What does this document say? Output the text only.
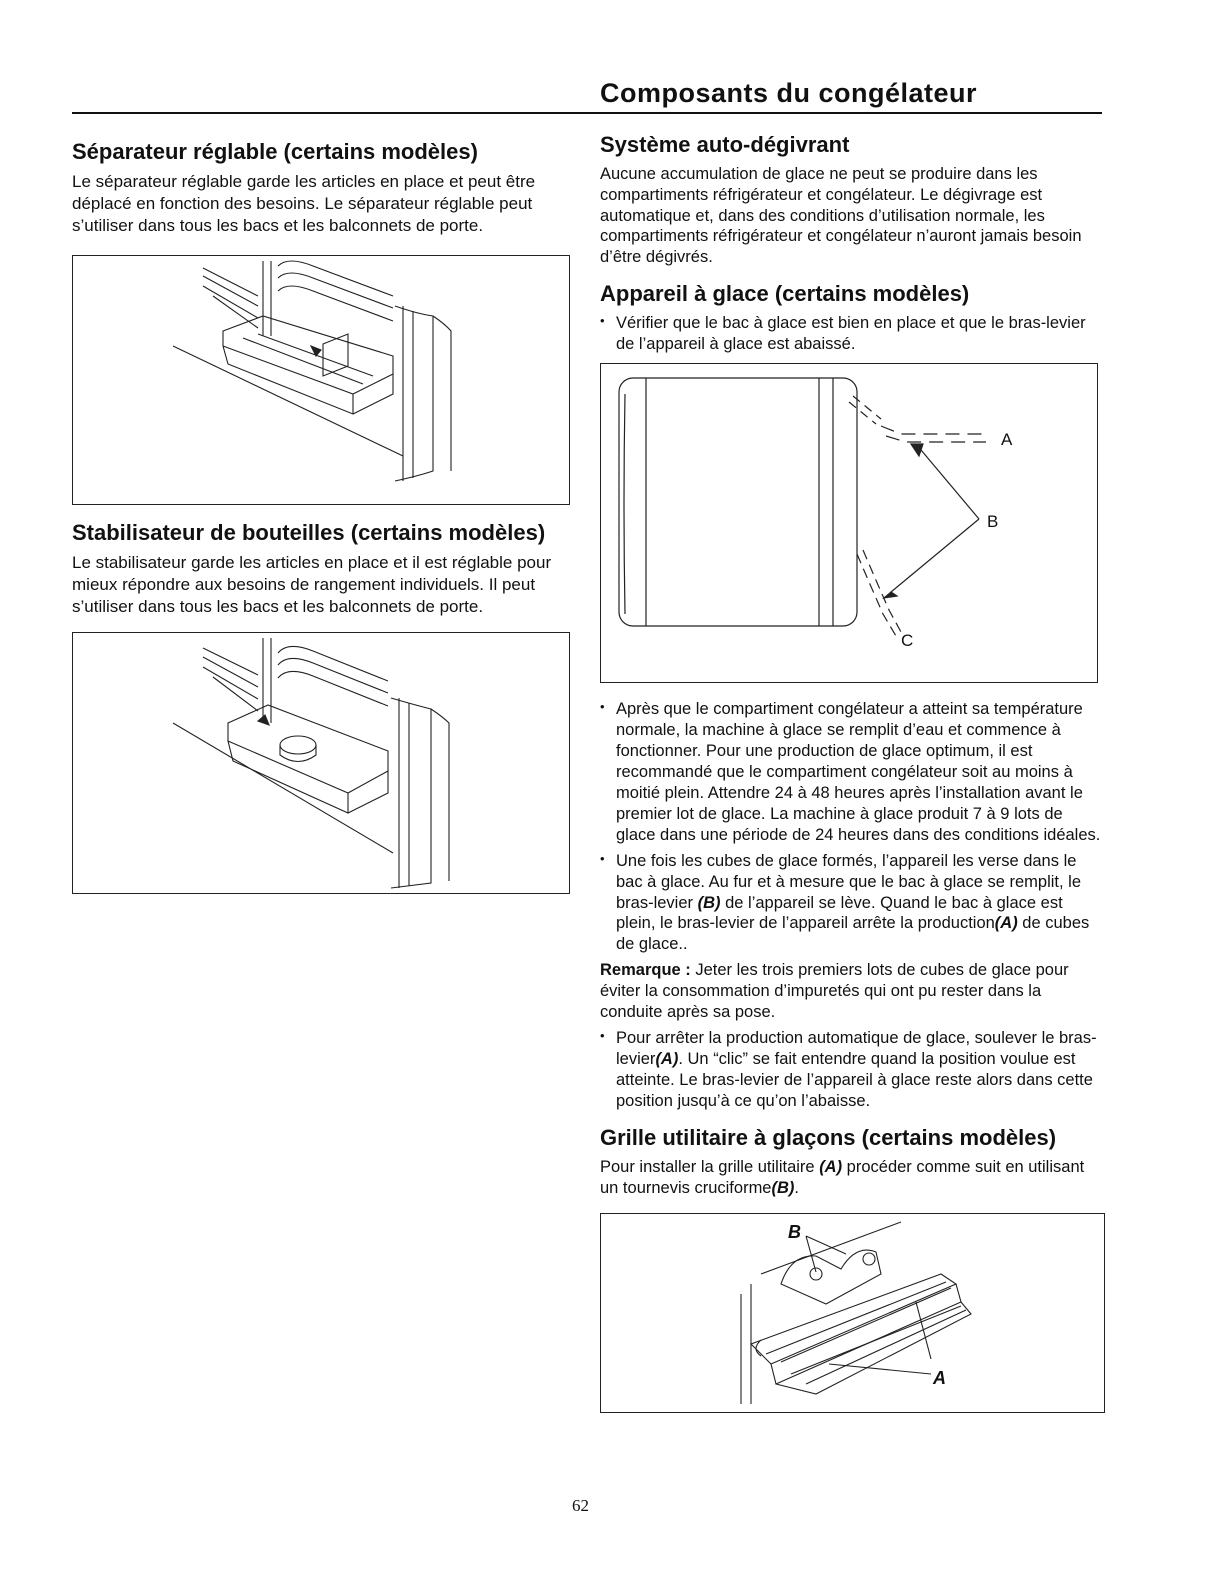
Composants du congélateur
Séparateur réglable (certains modèles)

Le séparateur réglable garde les articles en place et peut être déplacé en fonction des besoins. Le séparateur réglable peut s’utiliser dans tous les bacs et les balconnets de porte.

Stabilisateur de bouteilles (certains modèles)

Le stabilisateur garde les articles en place et il est réglable pour mieux répondre aux besoins de rangement individuels. Il peut s’utiliser dans tous les bacs et les balconnets de porte.

Système auto-dégivrant

Aucune accumulation de glace ne peut se produire dans les compartiments réfrigérateur et congélateur. Le dégivrage est automatique et, dans des conditions d’utilisation normale, les compartiments réfrigérateur et congélateur n’auront jamais besoin d’être dégivrés.

Appareil à glace (certains modèles)
• Vérifier que le bac à glace est bien en place et que le bras-levier de l’appareil à glace est abaissé.
A
B
C
• Après que le compartiment congélateur a atteint sa température normale, la machine à glace se remplit d’eau et commence à fonctionner. Pour une production de glace optimum, il est recommandé que le compartiment congélateur soit au moins à moitié plein. Attendre 24 à 48 heures après l’installation avant le premier lot de glace. La machine à glace produit 7 à 9 lots de glace dans une période de 24 heures dans des conditions idéales.
• Une fois les cubes de glace formés, l’appareil les verse dans le bac à glace. Au fur et à mesure que le bac à glace se remplit, le bras-levier (B) de l’appareil se lève. Quand le bac à glace est plein, le bras-levier de l’appareil arrête la production(A) de cubes de glace..

Remarque : Jeter les trois premiers lots de cubes de glace pour éviter la consommation d’impuretés qui ont pu rester dans la conduite après sa pose.

• Pour arrêter la production automatique de glace, soulever le bras-levier(A). Un “clic” se fait entendre quand la position voulue est atteinte. Le bras-levier de l’appareil à glace reste alors dans cette position jusqu’à ce qu’on l’abaisse.
Grille utilitaire à glaçons (certains modèles)

Pour installer la grille utilitaire (A) procéder comme suit en utilisant un tournevis cruciforme(B).

B
A
62
